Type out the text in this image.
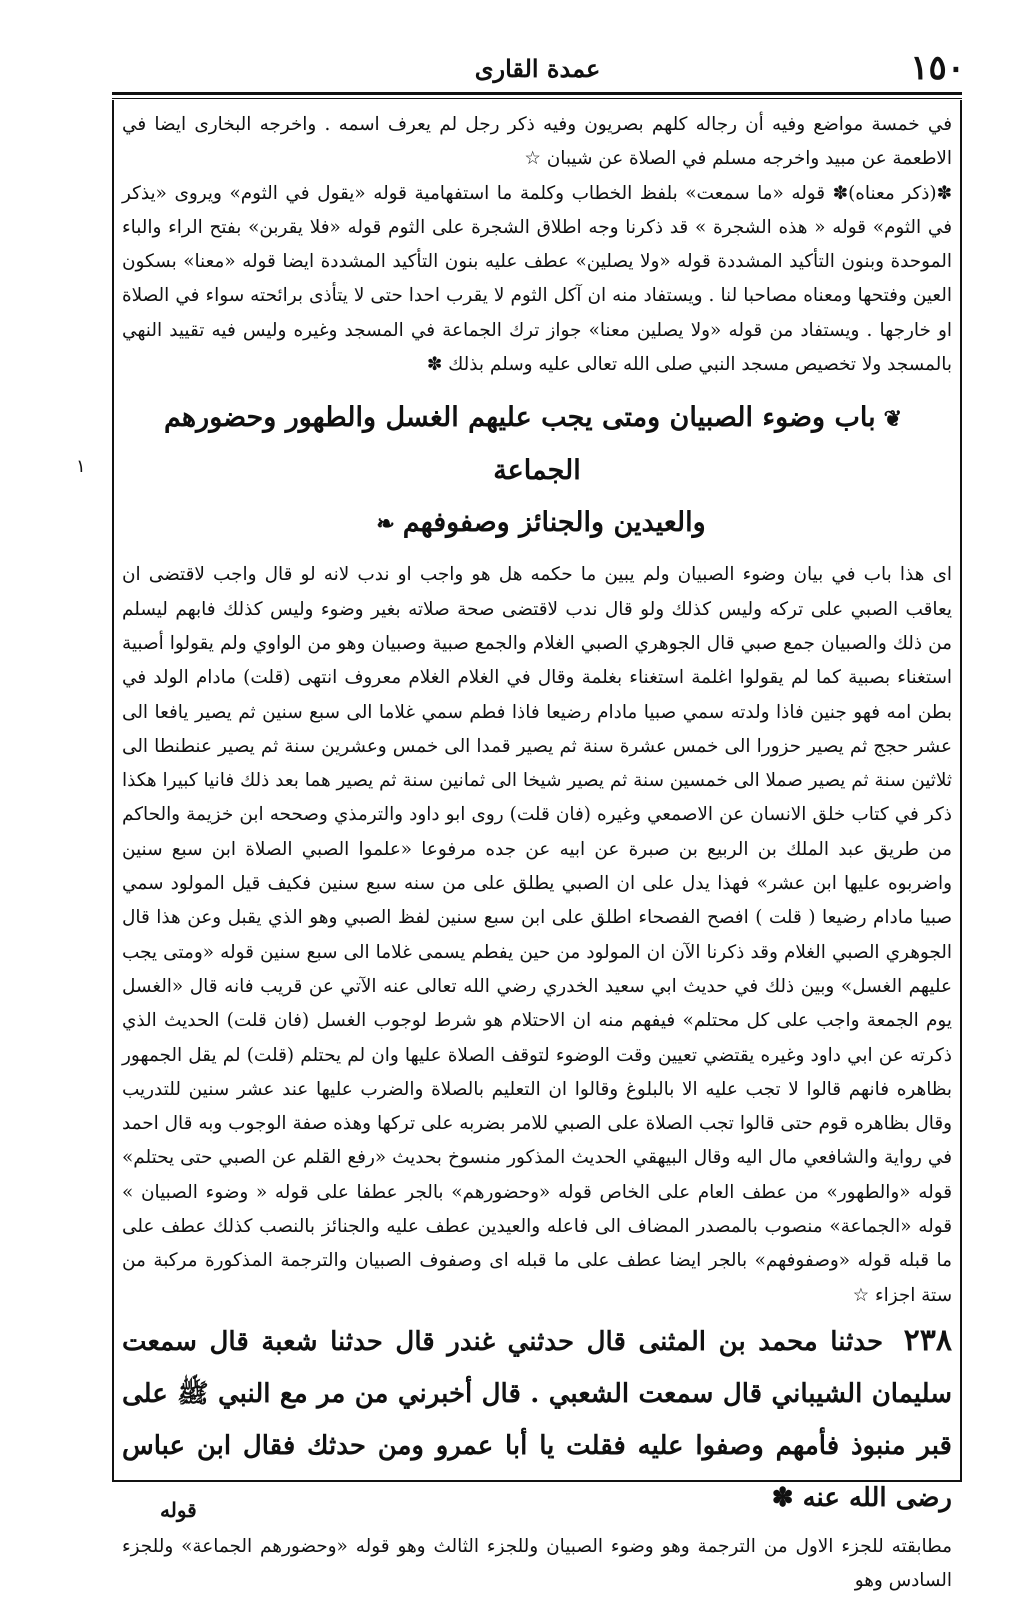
عمدة القاری	١٥٠
١

في خمسة مواضع وفيه أن رجاله كلهم بصريون وفيه ذكر رجل لم يعرف اسمه . واخرجه البخاری ايضا في الاطعمة عن مبيد واخرجه مسلم في الصلاة عن شيبان ☆

✽(ذكر معناه)✽ قوله «ما سمعت» بلفظ الخطاب وكلمة ما استفهامية قوله «يقول في الثوم» ويروى «يذكر في الثوم» قوله « هذه الشجرة » قد ذكرنا وجه اطلاق الشجرة على الثوم قوله «فلا يقربن» بفتح الراء والباء الموحدة وبنون التأكيد المشددة قوله «ولا يصلين» عطف عليه بنون التأكيد المشددة ايضا قوله «معنا» بسكون العين وفتحها ومعناه مصاحبا لنا . ويستفاد منه ان آكل الثوم لا يقرب احدا حتى لا يتأذى برائحته سواء في الصلاة او خارجها . ويستفاد من قوله «ولا يصلين معنا» جواز ترك الجماعة في المسجد وغيره وليس فيه تقييد النهي بالمسجد ولا تخصيص مسجد النبي صلى الله تعالى عليه وسلم بذلك ✽

❦باب وضوء الصبيان ومتى يجب عليهم الغسل والطهور وحضورهم الجماعة
والعيدين والجنائز وصفوفهم❧

اى هذا باب في بيان وضوء الصبيان ولم يبين ما حكمه هل هو واجب او ندب لانه لو قال واجب لاقتضى ان يعاقب الصبي على تركه وليس كذلك ولو قال ندب لاقتضى صحة صلاته بغير وضوء وليس كذلك فابهم ليسلم من ذلك والصبيان جمع صبي قال الجوهري الصبي الغلام والجمع صبية وصبيان وهو من الواوي ولم يقولوا أصبية استغناء بصبية كما لم يقولوا اغلمة استغناء بغلمة وقال في الغلام الغلام معروف انتهى (قلت) مادام الولد في بطن امه فهو جنين فاذا ولدته سمي صبيا مادام رضيعا فاذا فطم سمي غلاما الى سبع سنين ثم يصير يافعا الى عشر حجج ثم يصير حزورا الى خمس عشرة سنة ثم يصير قمدا الى خمس وعشرين سنة ثم يصير عنطنطا الى ثلاثين سنة ثم يصير صملا الى خمسين سنة ثم يصير شيخا الى ثمانين سنة ثم يصير هما بعد ذلك فانيا كبيرا هكذا ذكر في كتاب خلق الانسان عن الاصمعي وغيره (فان قلت) روى ابو داود والترمذي وصححه ابن خزيمة والحاكم من طريق عبد الملك بن الربيع بن صبرة عن ابيه عن جده مرفوعا «علموا الصبي الصلاة ابن سبع سنين واضربوه عليها ابن عشر» فهذا يدل على ان الصبي يطلق على من سنه سبع سنين فكيف قيل المولود سمي صبيا مادام رضيعا ( قلت ) افصح الفصحاء اطلق على ابن سبع سنين لفظ الصبي وهو الذي يقبل وعن هذا قال الجوهري الصبي الغلام وقد ذكرنا الآن ان المولود من حين يفطم يسمى غلاما الى سبع سنين قوله «ومتى يجب عليهم الغسل» وبين ذلك في حديث ابي سعيد الخدري رضي الله تعالى عنه الآتي عن قريب فانه قال «الغسل يوم الجمعة واجب على كل محتلم» فيفهم منه ان الاحتلام هو شرط لوجوب الغسل (فان قلت) الحديث الذي ذكرته عن ابي داود وغيره يقتضي تعيين وقت الوضوء لتوقف الصلاة عليها وان لم يحتلم (قلت) لم يقل الجمهور بظاهره فانهم قالوا لا تجب عليه الا بالبلوغ وقالوا ان التعليم بالصلاة والضرب عليها عند عشر سنين للتدريب وقال بظاهره قوم حتى قالوا تجب الصلاة على الصبي للامر بضربه على تركها وهذه صفة الوجوب وبه قال احمد في رواية والشافعي مال اليه وقال البيهقي الحديث المذكور منسوخ بحديث «رفع القلم عن الصبي حتى يحتلم» قوله «والطهور» من عطف العام على الخاص قوله «وحضورهم» بالجر عطفا على قوله « وضوء الصبيان » قوله «الجماعة» منصوب بالمصدر المضاف الى فاعله والعيدين عطف عليه والجنائز بالنصب كذلك عطف على ما قبله قوله «وصفوفهم» بالجر ايضا عطف على ما قبله اى وصفوف الصبيان والترجمة المذكورة مركبة من ستة اجزاء ☆

٢٣٨ حدثنا محمد بن المثنى قال حدثني غندر قال حدثنا شعبة قال سمعت سليمان الشيباني قال سمعت الشعبي . قال أخبرني من مر مع النبي ﷺ على قبر منبوذ فأمهم وصفوا عليه فقلت يا أبا عمرو ومن حدثك فقال ابن عباس رضى الله عنه ✽

مطابقته للجزء الاول من الترجمة وهو وضوء الصبيان وللجزء الثالث وهو قوله «وحضورهم الجماعة» وللجزء السادس وهو

قوله
